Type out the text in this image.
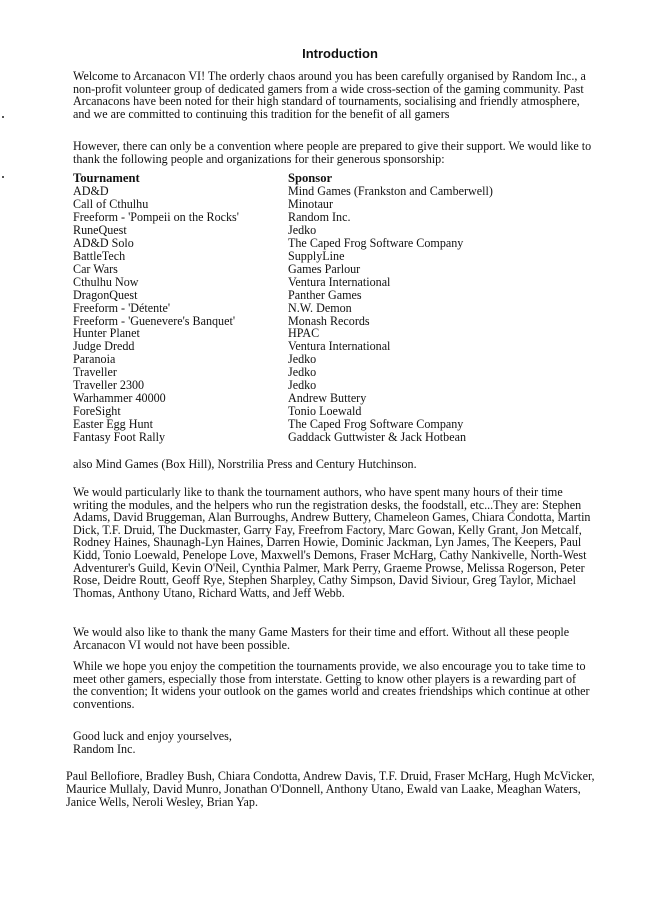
Introduction

Welcome to Arcanacon VI! The orderly chaos around you has been carefully organised by Random Inc., a non-profit volunteer group of dedicated gamers from a wide cross-section of the gaming community. Past Arcanacons have been noted for their high standard of tournaments, socialising and friendly atmosphere, and we are committed to continuing this tradition for the benefit of all gamers

However, there can only be a convention where people are prepared to give their support. We would like to thank the following people and organizations for their generous sponsorship:

Tournament
AD&D
Call of Cthulhu
Freeform - 'Pompeii on the Rocks'
RuneQuest
AD&D Solo
BattleTech
Car Wars
Cthulhu Now
DragonQuest
Freeform - 'Détente'
Freeform - 'Guenevere's Banquet'
Hunter Planet
Judge Dredd
Paranoia
Traveller
Traveller 2300
Warhammer 40000
ForeSight
Easter Egg Hunt
Fantasy Foot Rally
Sponsor
Mind Games (Frankston and Camberwell)
Minotaur
Random Inc.
Jedko
The Caped Frog Software Company
SupplyLine
Games Parlour
Ventura International
Panther Games
N.W. Demon
Monash Records
HPAC
Ventura International
Jedko
Jedko
Jedko
Andrew Buttery
Tonio Loewald
The Caped Frog Software Company
Gaddack Guttwister & Jack Hotbean

also Mind Games (Box Hill), Norstrilia Press and Century Hutchinson.

We would particularly like to thank the tournament authors, who have spent many hours of their time writing the modules, and the helpers who run the registration desks, the foodstall, etc...They are: Stephen Adams, David Bruggeman, Alan Burroughs, Andrew Buttery, Chameleon Games, Chiara Condotta, Martin Dick, T.F. Druid, The Duckmaster, Garry Fay, Freefrom Factory, Marc Gowan, Kelly Grant, Jon Metcalf, Rodney Haines, Shaunagh-Lyn Haines, Darren Howie, Dominic Jackman, Lyn James, The Keepers, Paul Kidd, Tonio Loewald, Penelope Love, Maxwell's Demons, Fraser McHarg, Cathy Nankivelle, North-West Adventurer's Guild, Kevin O'Neil, Cynthia Palmer, Mark Perry, Graeme Prowse, Melissa Rogerson, Peter Rose, Deidre Routt, Geoff Rye, Stephen Sharpley, Cathy Simpson, David Siviour, Greg Taylor, Michael Thomas, Anthony Utano, Richard Watts, and Jeff Webb.

We would also like to thank the many Game Masters for their time and effort. Without all these people Arcanacon VI would not have been possible.

While we hope you enjoy the competition the tournaments provide, we also encourage you to take time to meet other gamers, especially those from interstate. Getting to know other players is a rewarding part of the convention; It widens your outlook on the games world and creates friendships which continue at other conventions.

Good luck and enjoy yourselves,

Random Inc.

Paul Bellofiore, Bradley Bush, Chiara Condotta, Andrew Davis, T.F. Druid, Fraser McHarg, Hugh McVicker, Maurice Mullaly, David Munro, Jonathan O'Donnell, Anthony Utano, Ewald van Laake, Meaghan Waters, Janice Wells, Neroli Wesley, Brian Yap.
